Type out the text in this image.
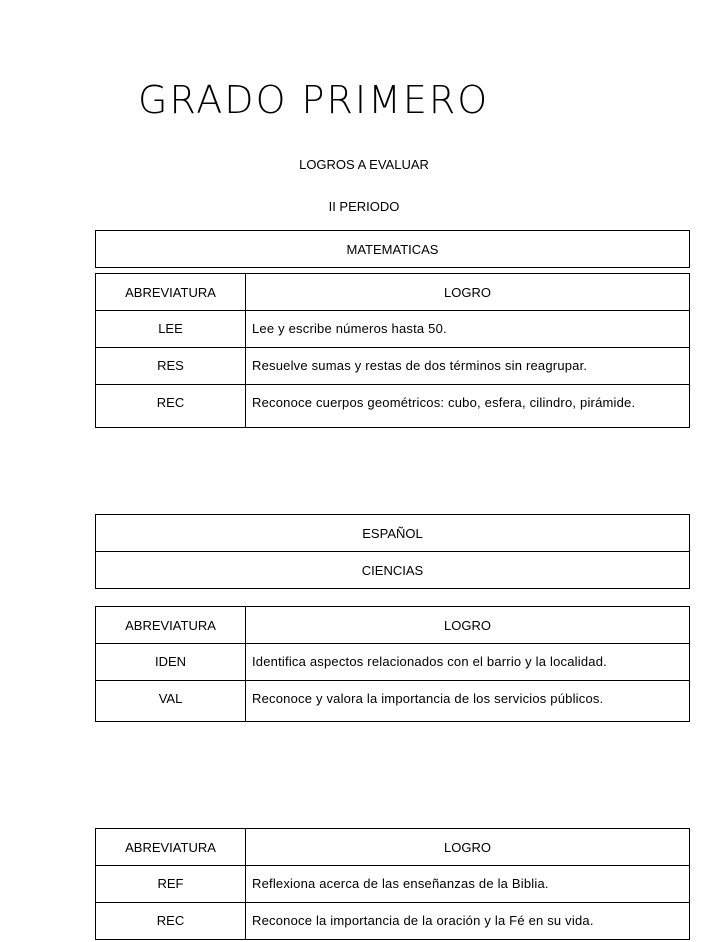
GRADO PRIMERO
LOGROS A EVALUAR
II PERIODO
MATEMATICAS
ABREVIATURA	LOGRO
LEE	Lee y escribe números hasta 50.
RES	Resuelve sumas y restas de dos términos sin reagrupar.
REC	Reconoce cuerpos geométricos: cubo, esfera, cilindro, pirámide.
ESPAÑOL
CIENCIAS
ABREVIATURA	LOGRO
IDEN	Identifica aspectos relacionados con el barrio y la localidad.
VAL	Reconoce y valora la importancia de los servicios públicos.
ABREVIATURA	LOGRO
REF	Reflexiona acerca de las enseñanzas de la Biblia.
REC	Reconoce la importancia de la oración y la Fé en su vida.
